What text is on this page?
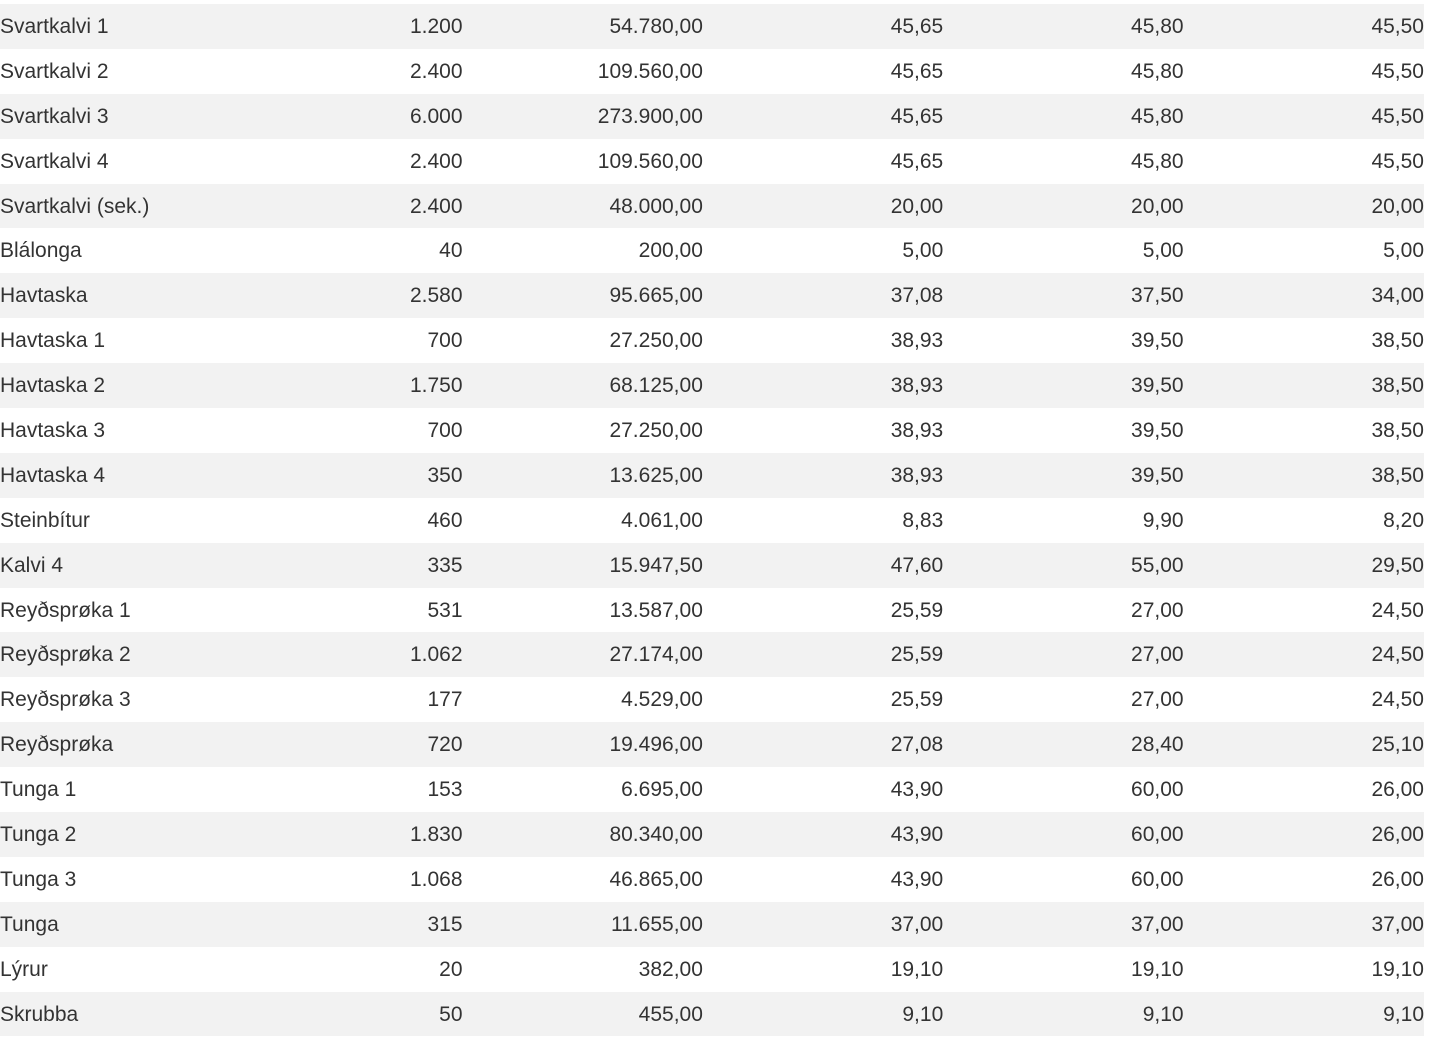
Svartkalvi 1	1.200	54.780,00	45,65	45,80	45,50
Svartkalvi 2	2.400	109.560,00	45,65	45,80	45,50
Svartkalvi 3	6.000	273.900,00	45,65	45,80	45,50
Svartkalvi 4	2.400	109.560,00	45,65	45,80	45,50
Svartkalvi (sek.)	2.400	48.000,00	20,00	20,00	20,00
Blálonga	40	200,00	5,00	5,00	5,00
Havtaska	2.580	95.665,00	37,08	37,50	34,00
Havtaska 1	700	27.250,00	38,93	39,50	38,50
Havtaska 2	1.750	68.125,00	38,93	39,50	38,50
Havtaska 3	700	27.250,00	38,93	39,50	38,50
Havtaska 4	350	13.625,00	38,93	39,50	38,50
Steinbítur	460	4.061,00	8,83	9,90	8,20
Kalvi 4	335	15.947,50	47,60	55,00	29,50
Reyðsprøka 1	531	13.587,00	25,59	27,00	24,50
Reyðsprøka 2	1.062	27.174,00	25,59	27,00	24,50
Reyðsprøka 3	177	4.529,00	25,59	27,00	24,50
Reyðsprøka	720	19.496,00	27,08	28,40	25,10
Tunga 1	153	6.695,00	43,90	60,00	26,00
Tunga 2	1.830	80.340,00	43,90	60,00	26,00
Tunga 3	1.068	46.865,00	43,90	60,00	26,00
Tunga	315	11.655,00	37,00	37,00	37,00
Lýrur	20	382,00	19,10	19,10	19,10
Skrubba	50	455,00	9,10	9,10	9,10
